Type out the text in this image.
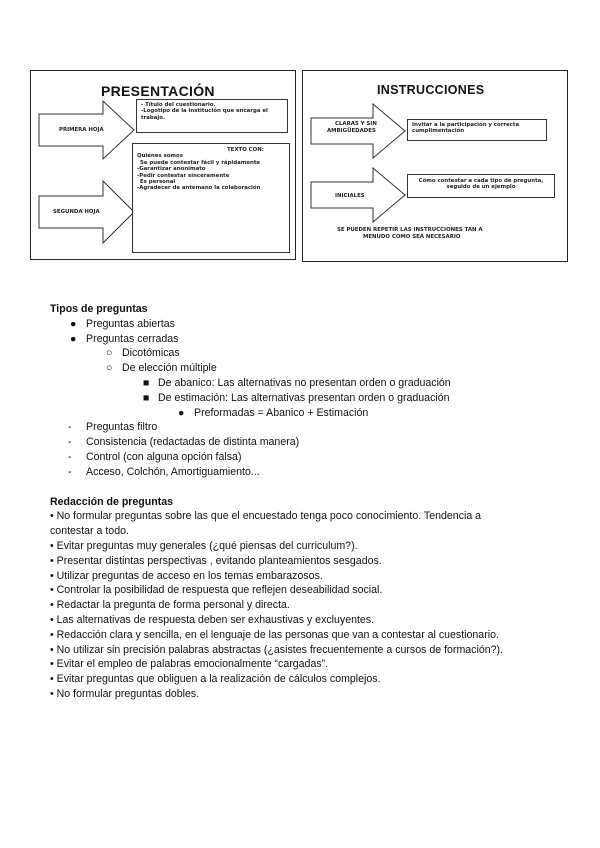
PRESENTACIÓN
PRIMERA HOJA
SEGUNDA HOJA
- Título del cuestionario.
-Logotipo de la institución que encarga el
trabajo.
TEXTO CON:
Quiénes somos
Se puede contestar fácil y rápidamente
-Garantizar anonimato
-Pedir contestar sinceramente
Es personal
-Agradecer de antemano la colaboración
INSTRUCCIONES
CLARAS Y SIN
AMBIGÜEDADES
INICIALES
Invitar a la participación y correcta
cumplimentación
Cómo contestar a cada tipo de pregunta,
seguido de un ejemplo
SE PUEDEN REPETIR LAS INSTRUCCIONES TAN A
MENUDO COMO SEA NECESARIO
Tipos de preguntas
● Preguntas abiertas
● Preguntas cerradas
○ Dicotómicas
○ De elección múltiple
■ De abanico: Las alternativas no presentan orden o graduación
■ De estimación: Las alternativas presentan orden o graduación
● Preformadas = Abanico + Estimación
- Preguntas filtro
- Consistencia (redactadas de distinta manera)
- Control (con alguna opción falsa)
- Acceso, Colchón, Amortiguamiento...
Redacción de preguntas
• No formular preguntas sobre las que el encuestado tenga poco conocimiento. Tendencia a
contestar a todo.
• Evitar preguntas muy generales (¿qué piensas del curriculum?).
• Presentar distintas perspectivas , evitando planteamientos sesgados.
• Utilizar preguntas de acceso en los temas embarazosos.
• Controlar la posibilidad de respuesta que reflejen deseabilidad social.
• Redactar la pregunta de forma personal y directa.
• Las alternativas de respuesta deben ser exhaustivas y excluyentes.
• Redacción clara y sencilla, en el lenguaje de las personas que van a contestar al cuestionario.
• No utilizar sin precisión palabras abstractas (¿asistes frecuentemente a cursos de formación?).
• Evitar el empleo de palabras emocionalmente “cargadas”.
• Evitar preguntas que obliguen a la realización de cálculos complejos.
• No formular preguntas dobles.
